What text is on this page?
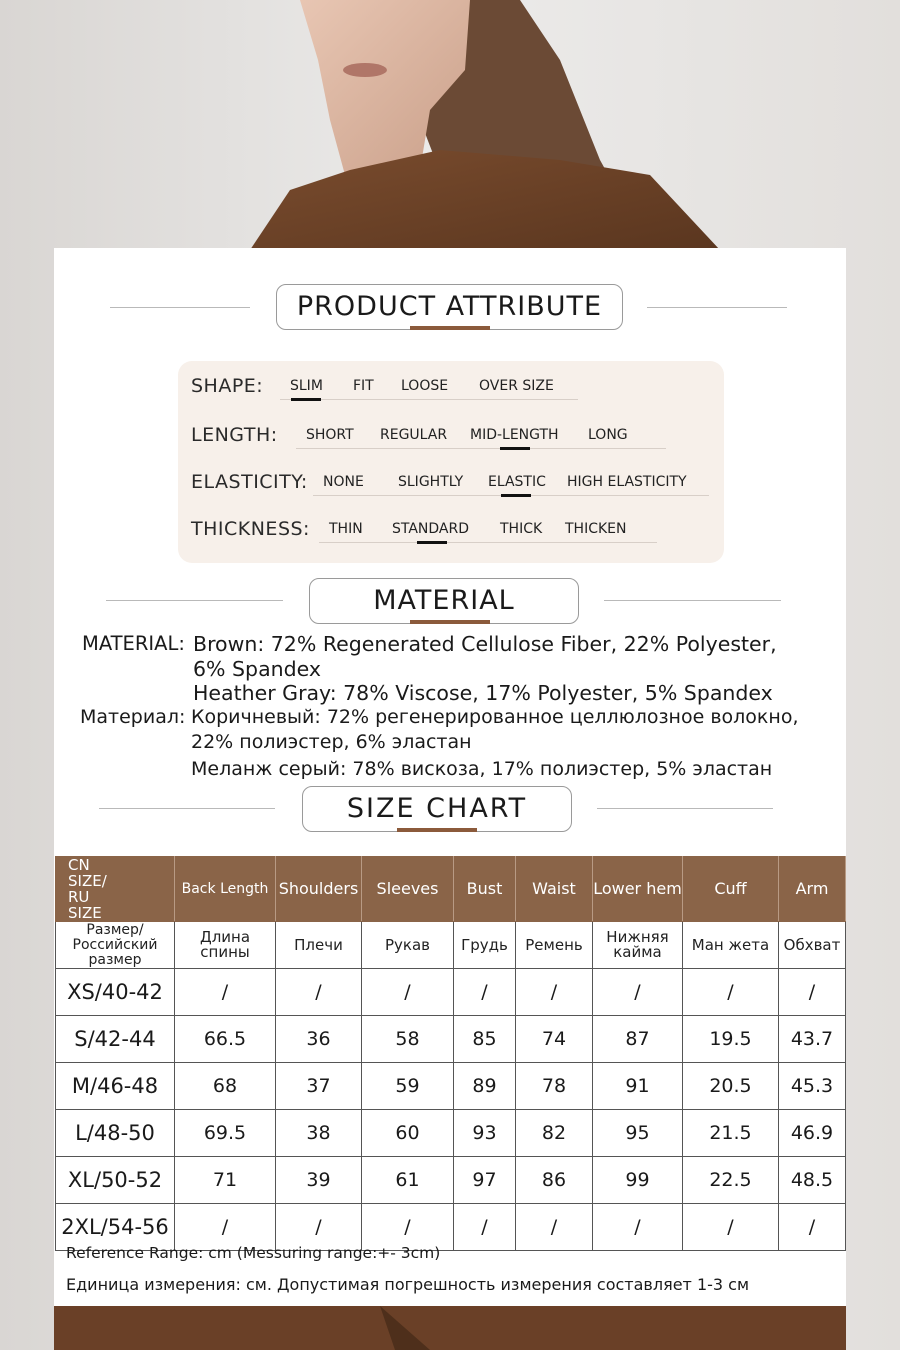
PRODUCT ATTRIBUTE
SHAPE: SLIM FIT LOOSE OVER SIZE
LENGTH: SHORT REGULAR MID-LENGTH LONG
ELASTICITY: NONE SLIGHTLY ELASTIC HIGH ELASTICITY
THICKNESS: THIN STANDARD THICK THICKEN
MATERIAL
MATERIAL: Brown: 72% Regenerated Cellulose Fiber, 22% Polyester,
6% Spandex
Heather Gray: 78% Viscose, 17% Polyester, 5% Spandex
Материал: Коричневый: 72% регенерированное целлюлозное волокно,
22% полиэстер, 6% эластан
Меланж серый: 78% вискоза, 17% полиэстер, 5% эластан
SIZE CHART
CN SIZE/ RU SIZE	Back Length	Shoulders	Sleeves	Bust	Waist	Lower hem	Cuff	Arm
Размер/ Российский размер	Длина спины	Плечи	Рукав	Грудь	Ремень	Нижняя кайма	Ман жета	Обхват
XS/40-42	/	/	/	/	/	/	/	/
S/42-44	66.5	36	58	85	74	87	19.5	43.7
M/46-48	68	37	59	89	78	91	20.5	45.3
L/48-50	69.5	38	60	93	82	95	21.5	46.9
XL/50-52	71	39	61	97	86	99	22.5	48.5
2XL/54-56	/	/	/	/	/	/	/	/
Reference Range: cm (Messuring range:+- 3cm)
Единица измерения: см. Допустимая погрешность измерения составляет 1-3 см
